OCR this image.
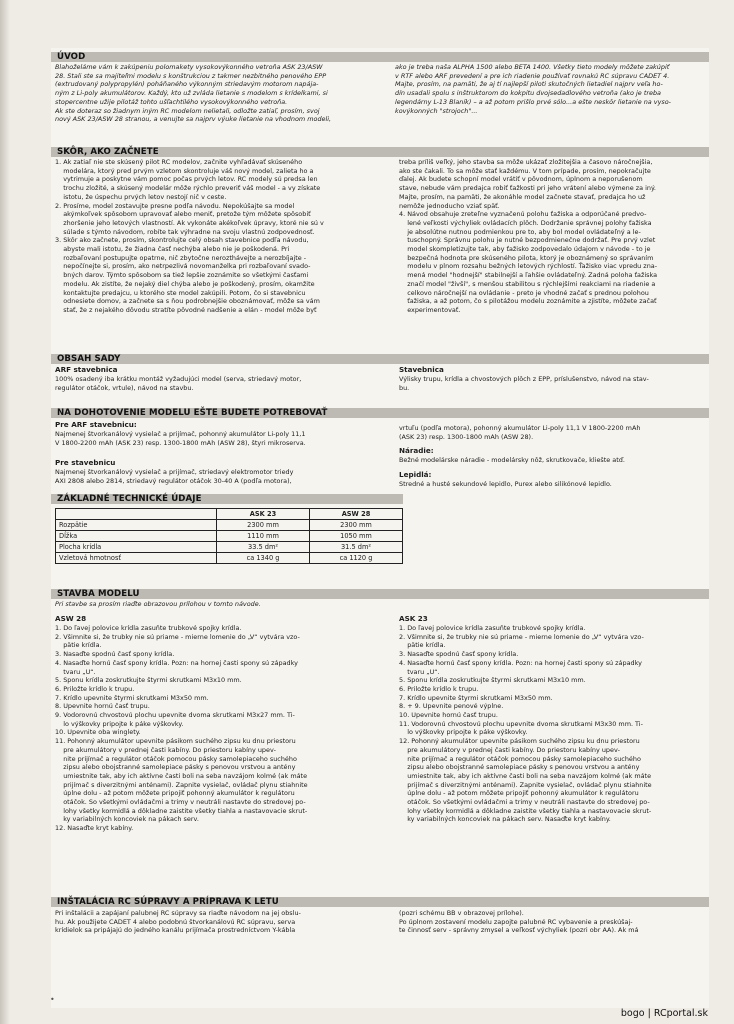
ÚVOD
Blahoželáme vám k zakúpeniu polomakety vysokovýkonného vetroňa ASK 23/ASW
28. Stali ste sa majiteľmi modelu s konštrukciou z takmer nezbitného penového EPP
(extrudovaný polypropylén) poháňaného výkonným striedavým motorom napája-
ným z Li-poly akumulátorov. Každý, kto už zvláda lietanie s modelom s krídelkami, si
stopercentne užije pilotáž tohto ušľachtilého vysokovýkonného vetroňa.
Ak ste doteraz so žiadnym iným RC modelom nelietali, odložte zatiaľ, prosím, svoj
nový ASK 23/ASW 28 stranou, a venujte sa najprv výuke lietanie na vhodnom modeli,
ako je treba naša ALPHA 1500 alebo BETA 1400. Všetky tieto modely môžete zakúpiť
v RTF alebo ARF prevedení a pre ich riadenie používať rovnakú RC súpravu CADET 4.
Majte, prosím, na pamäti, že aj tí najlepší piloti skutočných lietadiel najprv veľa ho-
dín usadali spolu s inštruktorom do kokpitu dvojsedadlového vetroňa (ako je treba
legendárny L-13 Blaník) – a až potom prišlo prvé sólo...a ešte neskôr lietanie na vyso-
kovýkonných "strojoch"...
SKÔR, AKO ZAČNETE
1. Ak zatiaľ nie ste skúsený pilot RC modelov, začnite vyhľadávať skúseného
modelára, ktorý pred prvým vzletom skontroluje váš nový model, zalieta ho a
vytrimuje a poskytne vám pomoc počas prvých letov. RC modely sú predsa len
trochu zložité, a skúsený modelár môže rýchlo preveriť váš model - a vy získate
istotu, že úspechu prvých letov nestojí nič v ceste.
2. Prosíme, model zostavujte presne podľa návodu. Nepokúšajte sa model
akýmkoľvek spôsobom upravovať alebo meniť, pretože tým môžete spôsobiť
zhoršenie jeho letových vlastností. Ak vykonáte akékoľvek úpravy, ktoré nie sú v
súlade s týmto návodom, robíte tak výhradne na svoju vlastnú zodpovednosť.
3. Skôr ako začnete, prosím, skontrolujte celý obsah stavebnice podľa návodu,
abyste mali istotu, že žiadna časť nechýba alebo nie je poškodená. Pri
rozbaľovaní postupujte opatrne, nič zbytočne nerozthávejte a nerozbíjajte -
nepočínejte si, prosím, ako netrpezlivá novomanželka pri rozbaľovaní svado-
bných darov. Týmto spôsobom sa tiež lepšie zoznámite so všetkými časťami
modelu. Ak zistíte, že nejaký diel chýba alebo je poškodený, prosím, okamžite
kontaktujte predajcu, u ktorého ste model zakúpili. Potom, čo si stavebnicu
odnesiete domov, a začnete sa s ňou podrobnejšie oboznámovať, môže sa vám
stať, že z nejakého dôvodu stratíte pôvodné nadšenie a elán - model môže byť
treba príliš veľký, jeho stavba sa môže ukázať zložitejšia a časovo náročnejšia,
ako ste čakali. To sa môže stať každému. V tom prípade, prosím, nepokračujte
ďalej. Ak budete schopní model vrátiť v pôvodnom, úplnom a neporušenom
stave, nebude vám predajca robiť ťažkosti pri jeho vrátení alebo výmene za iný.
Majte, prosím, na pamäti, že akonáhle model začnete stavať, predajca ho už
nemôže jednoducho vziať späť.
4. Návod obsahuje zreteľne vyznačenú polohu ťažiska a odporúčané predvo-
lené veľkosti výchyliek ovládacích plôch. Dodržanie správnej polohy ťažiska
je absolútne nutnou podmienkou pre to, aby bol model ovládateľný a le-
tuschopný. Správnu polohu je nutné bezpodmienečne dodržať. Pre prvý vzlet
model skompletizujte tak, aby ťažisko zodpovedalo údajom v návode - to je
bezpečná hodnota pre skúseného pilota, ktorý je oboznámený so správaním
modelu v plnom rozsahu bežných letových rýchlostí. Ťažisko viac vpredu zna-
mená model "hodnejší" stabilnejší a ľahšie ovládateľný. Zadná poloha ťažiska
značí model "živší", s menšou stabilitou s rýchlejšími reakciami na riadenie a
celkovo náročnejší na ovládanie - preto je vhodné začať s prednou polohou
ťažiska, a až potom, čo s pilotážou modelu zoznámite a zjistíte, môžete začať
experimentovať.
OBSAH SADY
ARF stavebnica
100% osadený iba krátku montáž vyžadujúci model (serva, striedavý motor,
regulátor otáčok, vrtule), návod na stavbu.
Stavebnica
Výlisky trupu, krídla a chvostových plôch z EPP, príslušenstvo, návod na stav-
bu.
NA DOHOTOVENIE MODELU EŠTE BUDETE POTREBOVAŤ
Pre ARF stavebnicu:
Najmenej štvorkanálový vysielač a prijímač, pohonný akumulátor Li-poly 11,1
V 1800-2200 mAh (ASK 23) resp. 1300-1800 mAh (ASW 28), štyri mikroserva.
Pre stavebnicu
Najmenej štvorkanálový vysielač a prijímač, striedavý elektromotor triedy
AXI 2808 alebo 2814, striedavý regulátor otáčok 30-40 A (podľa motora),
vrtuľu (podľa motora), pohonný akumulátor Li-poly 11,1 V 1800-2200 mAh
(ASK 23) resp. 1300-1800 mAh (ASW 28).
Náradie:
Bežné modelárske náradie - modelársky nôž, skrutkovače, kliešte atď.
Lepidlá:
Stredné a husté sekundové lepidlo, Purex alebo silikónové lepidlo.
ZÁKLADNÉ TECHNICKÉ ÚDAJE
	ASK 23	ASW 28
Rozpätie	2300 mm	2300 mm
Dĺžka	1110 mm	1050 mm
Plocha krídla	33.5 dm²	31.5 dm²
Vzletová hmotnosť	ca 1340 g	ca 1120 g
STAVBA MODELU
Pri stavbe sa prosím riaďte obrazovou prílohou v tomto návode.
ASW 28
1. Do ľavej polovice krídla zasuňte trubkové spojky krídla.
2. Všimnite si, že trubky nie sú priame - mierne lomenie do „V“ vytvára vzo-
pätie krídla.
3. Nasaďte spodnú časť spony krídla.
4. Nasaďte hornú časť spony krídla. Pozn: na hornej časti spony sú západky
tvaru „U“.
5. Sponu krídla zoskrutkujte štyrmi skrutkami M3x10 mm.
6. Priložte krídlo k trupu.
7. Krídlo upevnite štyrmi skrutkami M3x50 mm.
8. Upevnite hornú časť trupu.
9. Vodorovnú chvostovú plochu upevnite dvoma skrutkami M3x27 mm. Ti-
lo výškovky pripojte k páke výškovky.
10. Upevnite oba winglety.
11. Pohonný akumulátor upevnite pásikom suchého zipsu ku dnu priestoru
pre akumulátory v prednej časti kabíny. Do priestoru kabíny upev-
nite prijímač a regulátor otáčok pomocou pásky samolepiaceho suchého
zipsu alebo obojstranné samolepiace pásky s penovou vrstvou a antény
umiestnite tak, aby ich aktívne časti boli na seba navzájom kolmé (ak máte
prijímač s diverzitnými anténami). Zapnite vysielač, ovládač plynu stiahnite
úplne dolu - až potom môžete pripojiť pohonný akumulátor k regulátoru
otáčok. So všetkými ovládačmi a trimy v neutráli nastavte do stredovej po-
lohy všetky kormidlá a dôkladne zaistite všetky tiahla a nastavovacie skrut-
ky variabilných koncoviek na pákach serv.
12. Nasaďte kryt kabíny.
ASK 23
1. Do ľavej polovice krídla zasuňte trubkové spojky krídla.
2. Všimnite si, že trubky nie sú priame - mierne lomenie do „V“ vytvára vzo-
pätie krídla.
3. Nasaďte spodnú časť spony krídla.
4. Nasaďte hornú časť spony krídla. Pozn: na hornej časti spony sú západky
tvaru „U“.
5. Sponu krídla zoskrutkujte štyrmi skrutkami M3x10 mm.
6. Priložte krídlo k trupu.
7. Krídlo upevnite štyrmi skrutkami M3x50 mm.
8. + 9. Upevnite penové výplne.
10. Upevnite hornú časť trupu.
11. Vodorovnú chvostovú plochu upevnite dvoma skrutkami M3x30 mm. Ti-
lo výškovky pripojte k páke výškovky.
12. Pohonný akumulátor upevnite pásikom suchého zipsu ku dnu priestoru
pre akumulátory v prednej časti kabíny. Do priestoru kabíny upev-
nite prijímač a regulátor otáčok pomocou pásky samolepiaceho suchého
zipsu alebo obojstranné samolepiace pásky s penovou vrstvou a antény
umiestnite tak, aby ich aktívne časti boli na seba navzájom kolmé (ak máte
prijímač s diverzitnými anténami). Zapnite vysielač, ovládač plynu stiahnite
úplne dolu - až potom môžete pripojiť pohonný akumulátor k regulátoru
otáčok. So všetkými ovládačmi a trimy v neutráli nastavte do stredovej po-
lohy všetky kormidlá a dôkladne zaistite všetky tiahla a nastavovacie skrut-
ky variabilných koncoviek na pákach serv. Nasaďte kryt kabíny.
INŠTALÁCIA RC SÚPRAVY A PRÍPRAVA K LETU
Pri inštalácii a zapájaní palubnej RC súpravy sa riaďte návodom na jej obslu-
hu. Ak použijete CADET 4 alebo podobnú štvorkanálovú RC súpravu, serva
krídielok sa pripájajú do jedného kanálu prijímača prostredníctvom Y-kábla
(pozri schému BB v obrazovej prílohe).
Po úplnom zostavení modelu zapojte palubné RC vybavenie a preskúšaj-
te činnosť serv - správny zmysel a veľkosť výchyliek (pozri obr AA). Ak má
•
bogo | RCportal.sk
